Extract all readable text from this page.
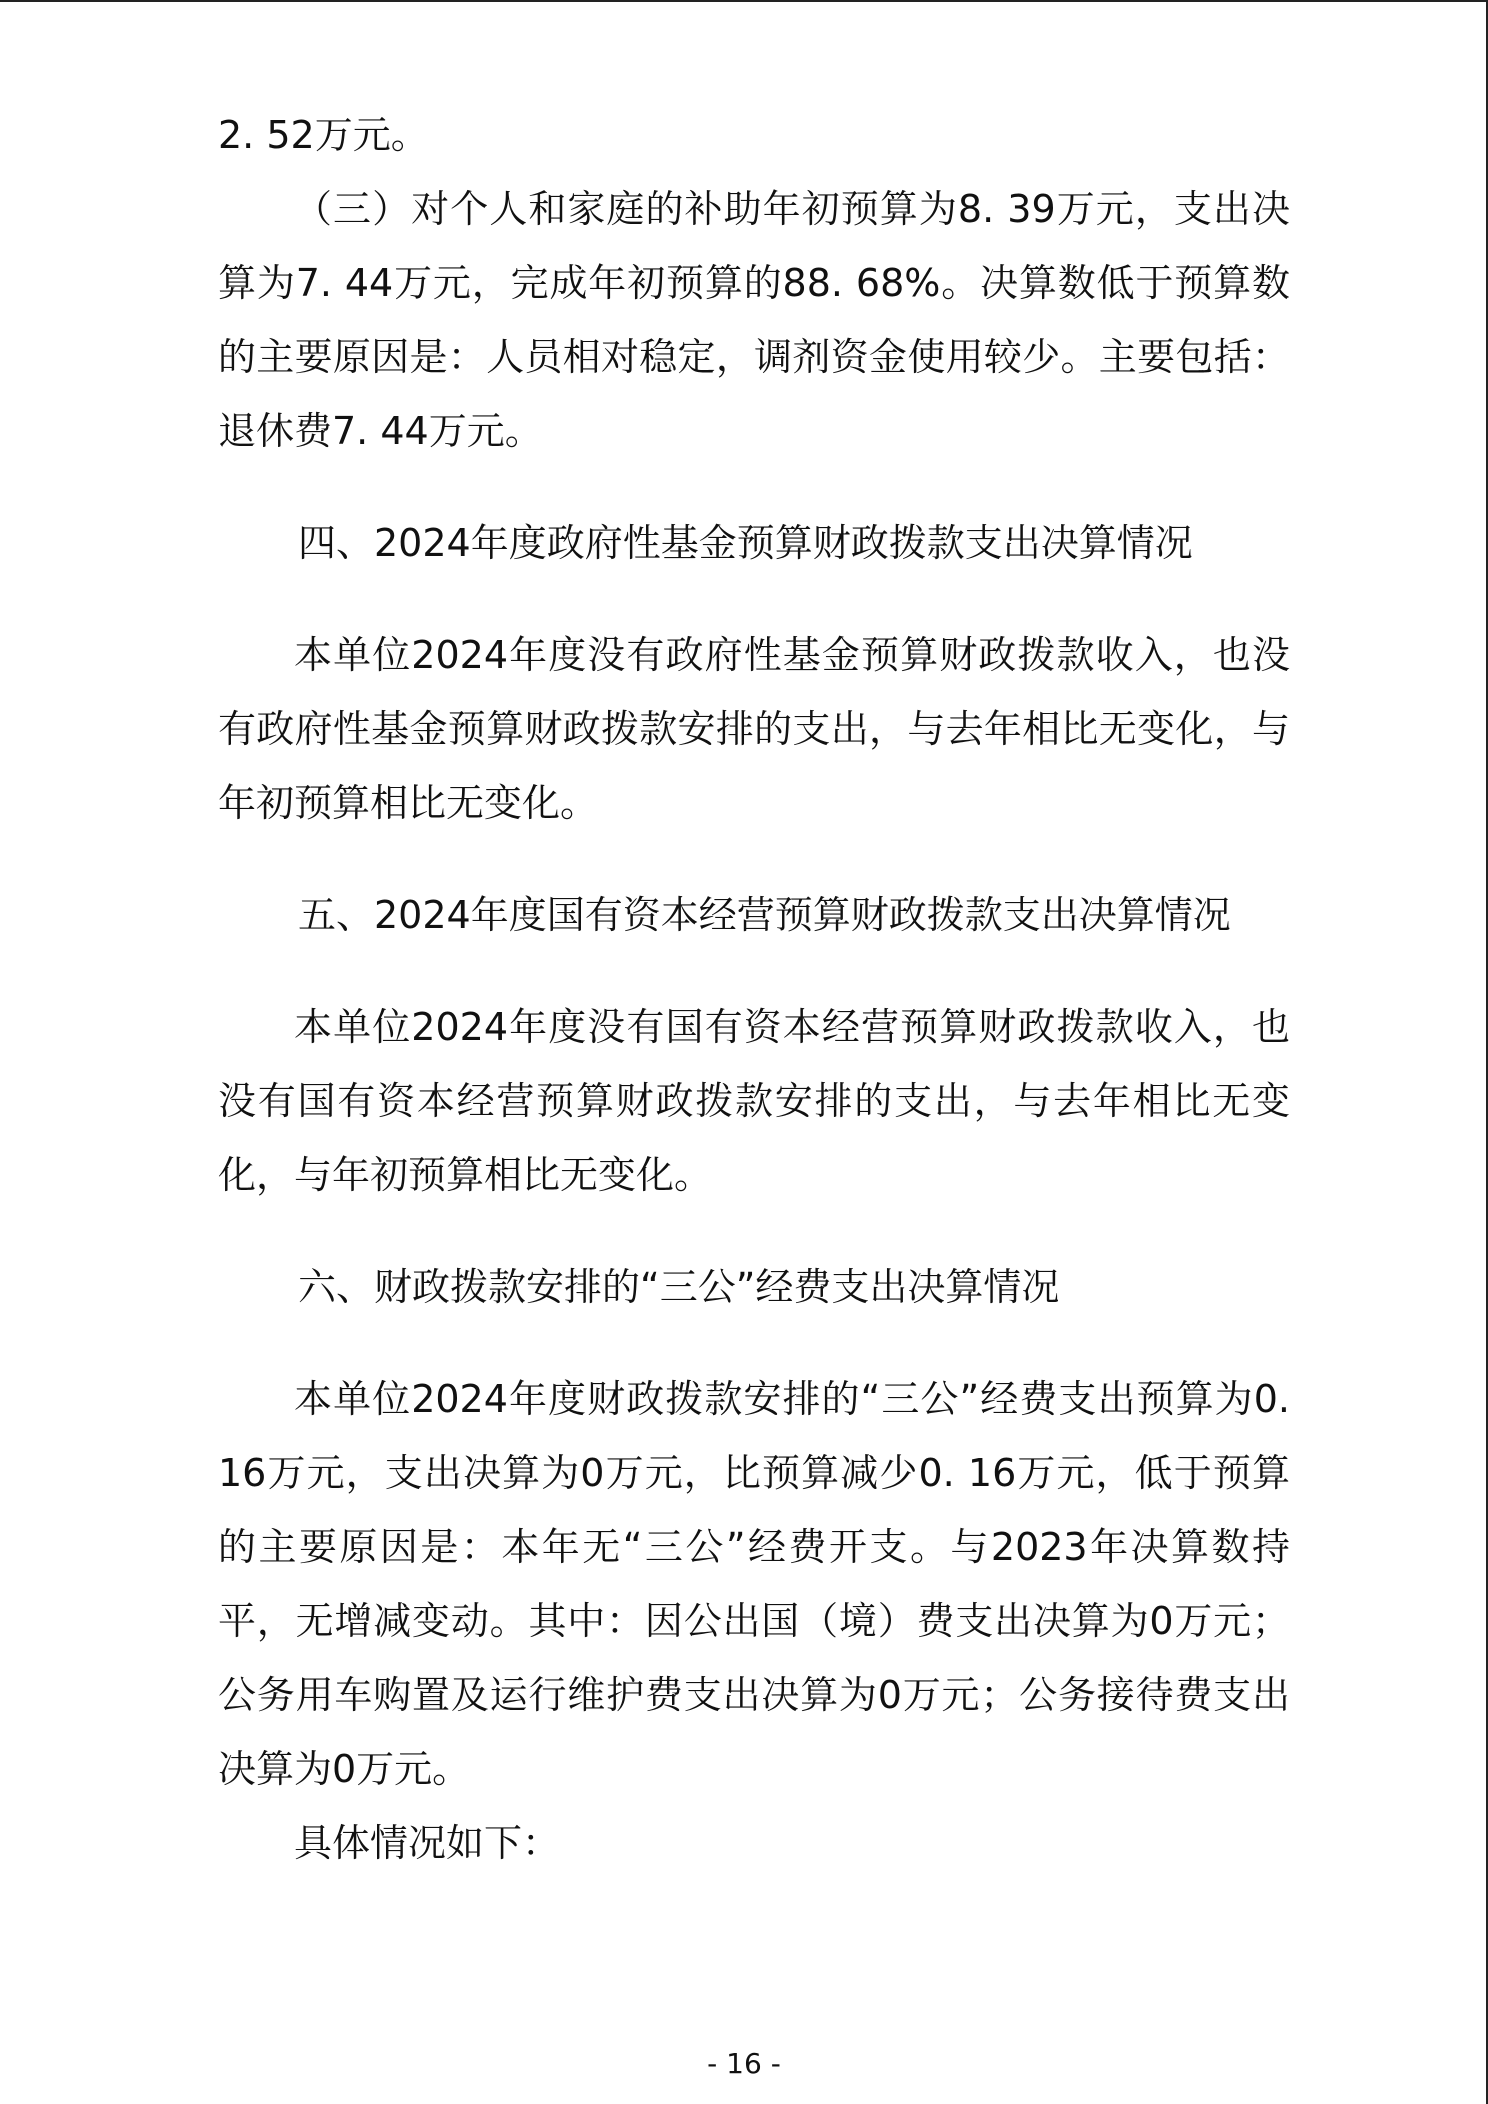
2. 52万元。

（三）对个人和家庭的补助年初预算为8. 39万元，支出决算为7. 44万元，完成年初预算的88. 68%。决算数低于预算数的主要原因是：人员相对稳定，调剂资金使用较少。主要包括：退休费7. 44万元。

四、2024年度政府性基金预算财政拨款支出决算情况

本单位2024年度没有政府性基金预算财政拨款收入，也没有政府性基金预算财政拨款安排的支出，与去年相比无变化，与年初预算相比无变化。

五、2024年度国有资本经营预算财政拨款支出决算情况

本单位2024年度没有国有资本经营预算财政拨款收入，也没有国有资本经营预算财政拨款安排的支出，与去年相比无变化，与年初预算相比无变化。

六、财政拨款安排的“三公”经费支出决算情况

本单位2024年度财政拨款安排的“三公”经费支出预算为0. 16万元，支出决算为0万元，比预算减少0. 16万元，低于预算的主要原因是：本年无“三公”经费开支。与2023年决算数持平，无增减变动。其中：因公出国（境）费支出决算为0万元；公务用车购置及运行维护费支出决算为0万元；公务接待费支出决算为0万元。

具体情况如下：

- 16 -
